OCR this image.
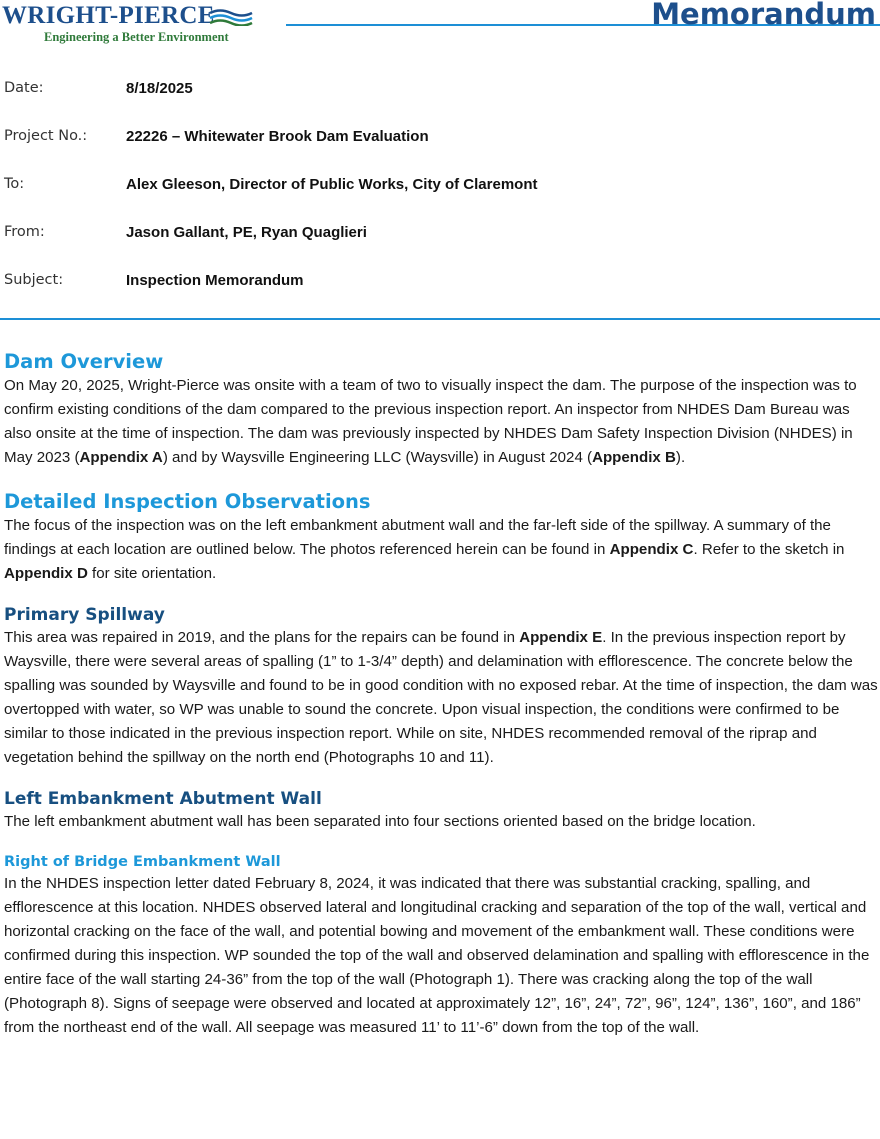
WRIGHT-PIERCE
Engineering a Better Environment
Memorandum
Date:	8/18/2025
Project No.:	22226 – Whitewater Brook Dam Evaluation
To:	Alex Gleeson, Director of Public Works, City of Claremont
From:	Jason Gallant, PE, Ryan Quaglieri
Subject:	Inspection Memorandum
Dam Overview

On May 20, 2025, Wright-Pierce was onsite with a team of two to visually inspect the dam. The purpose of the inspection was to confirm existing conditions of the dam compared to the previous inspection report. An inspector from NHDES Dam Bureau was also onsite at the time of inspection. The dam was previously inspected by NHDES Dam Safety Inspection Division (NHDES) in May 2023 (Appendix A) and by Waysville Engineering LLC (Waysville) in August 2024 (Appendix B).

Detailed Inspection Observations

The focus of the inspection was on the left embankment abutment wall and the far-left side of the spillway. A summary of the findings at each location are outlined below. The photos referenced herein can be found in Appendix C. Refer to the sketch in Appendix D for site orientation.

Primary Spillway

This area was repaired in 2019, and the plans for the repairs can be found in Appendix E. In the previous inspection report by Waysville, there were several areas of spalling (1” to 1-3/4” depth) and delamination with efflorescence. The concrete below the spalling was sounded by Waysville and found to be in good condition with no exposed rebar. At the time of inspection, the dam was overtopped with water, so WP was unable to sound the concrete. Upon visual inspection, the conditions were confirmed to be similar to those indicated in the previous inspection report. While on site, NHDES recommended removal of the riprap and vegetation behind the spillway on the north end (Photographs 10 and 11).

Left Embankment Abutment Wall

The left embankment abutment wall has been separated into four sections oriented based on the bridge location.

Right of Bridge Embankment Wall

In the NHDES inspection letter dated February 8, 2024, it was indicated that there was substantial cracking, spalling, and efflorescence at this location. NHDES observed lateral and longitudinal cracking and separation of the top of the wall, vertical and horizontal cracking on the face of the wall, and potential bowing and movement of the embankment wall. These conditions were confirmed during this inspection. WP sounded the top of the wall and observed delamination and spalling with efflorescence in the entire face of the wall starting 24-36” from the top of the wall (Photograph 1). There was cracking along the top of the wall (Photograph 8). Signs of seepage were observed and located at approximately 12”, 16”, 24”, 72”, 96”, 124”, 136”, 160”, and 186” from the northeast end of the wall. All seepage was measured 11’ to 11’-6” down from the top of the wall.
